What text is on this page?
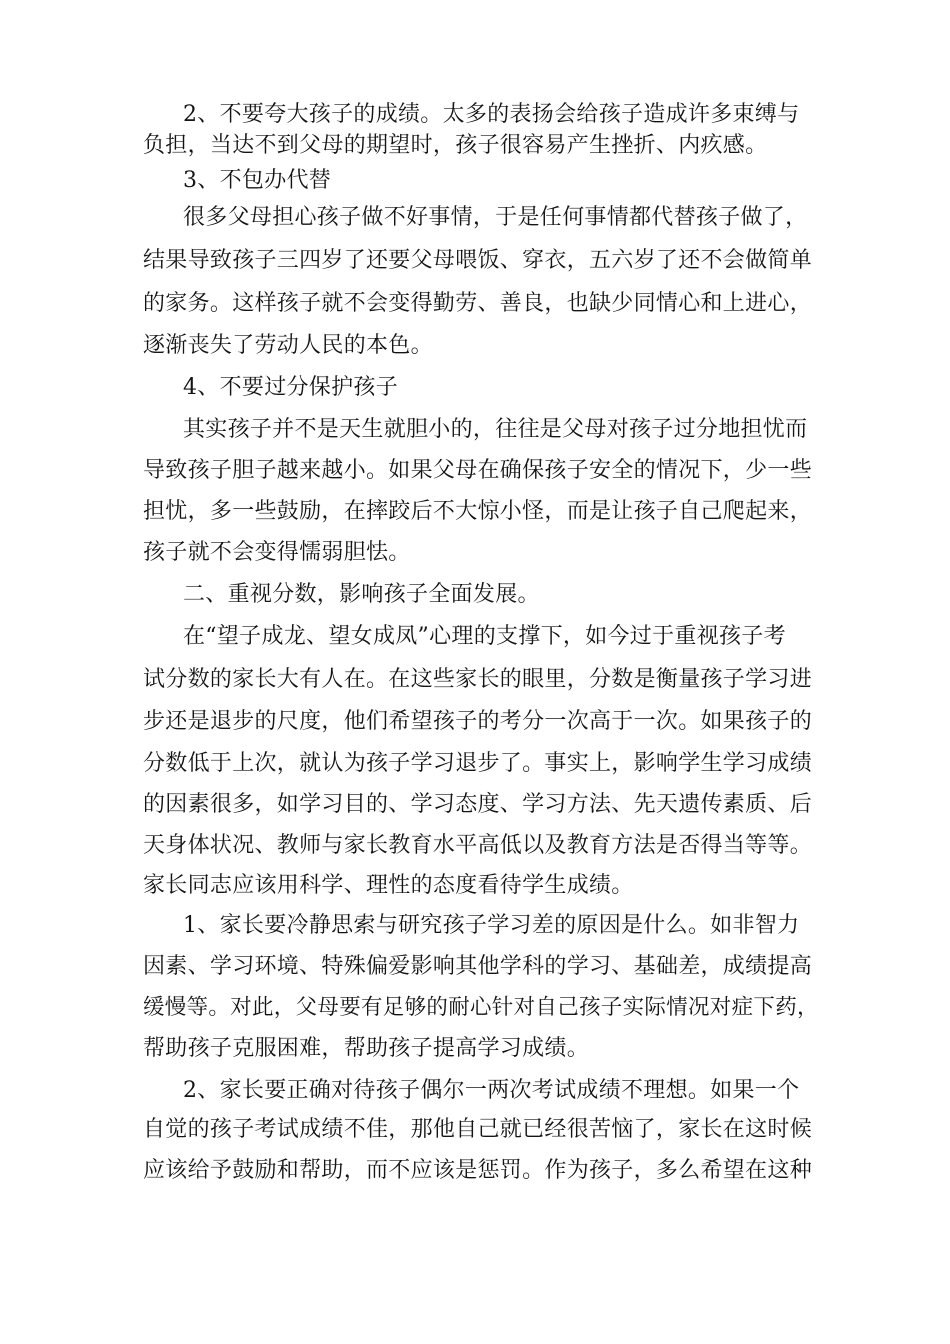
2、不要夸大孩子的成绩。太多的表扬会给孩子造成许多束缚与
负担，当达不到父母的期望时，孩子很容易产生挫折、内疚感。
3、不包办代替
很多父母担心孩子做不好事情，于是任何事情都代替孩子做了，
结果导致孩子三四岁了还要父母喂饭、穿衣，五六岁了还不会做简单
的家务。这样孩子就不会变得勤劳、善良，也缺少同情心和上进心，
逐渐丧失了劳动人民的本色。
4、不要过分保护孩子
其实孩子并不是天生就胆小的，往往是父母对孩子过分地担忧而
导致孩子胆子越来越小。如果父母在确保孩子安全的情况下，少一些
担忧，多一些鼓励，在摔跤后不大惊小怪，而是让孩子自己爬起来，
孩子就不会变得懦弱胆怯。
二、重视分数，影响孩子全面发展。
在“望子成龙、望女成凤”心理的支撑下，如今过于重视孩子考
试分数的家长大有人在。在这些家长的眼里，分数是衡量孩子学习进
步还是退步的尺度，他们希望孩子的考分一次高于一次。如果孩子的
分数低于上次，就认为孩子学习退步了。事实上，影响学生学习成绩
的因素很多，如学习目的、学习态度、学习方法、先天遗传素质、后
天身体状况、教师与家长教育水平高低以及教育方法是否得当等等。
家长同志应该用科学、理性的态度看待学生成绩。
1、家长要冷静思索与研究孩子学习差的原因是什么。如非智力
因素、学习环境、特殊偏爱影响其他学科的学习、基础差，成绩提高
缓慢等。对此，父母要有足够的耐心针对自己孩子实际情况对症下药，
帮助孩子克服困难，帮助孩子提高学习成绩。
2、家长要正确对待孩子偶尔一两次考试成绩不理想。如果一个
自觉的孩子考试成绩不佳，那他自己就已经很苦恼了，家长在这时候
应该给予鼓励和帮助，而不应该是惩罚。作为孩子，多么希望在这种
